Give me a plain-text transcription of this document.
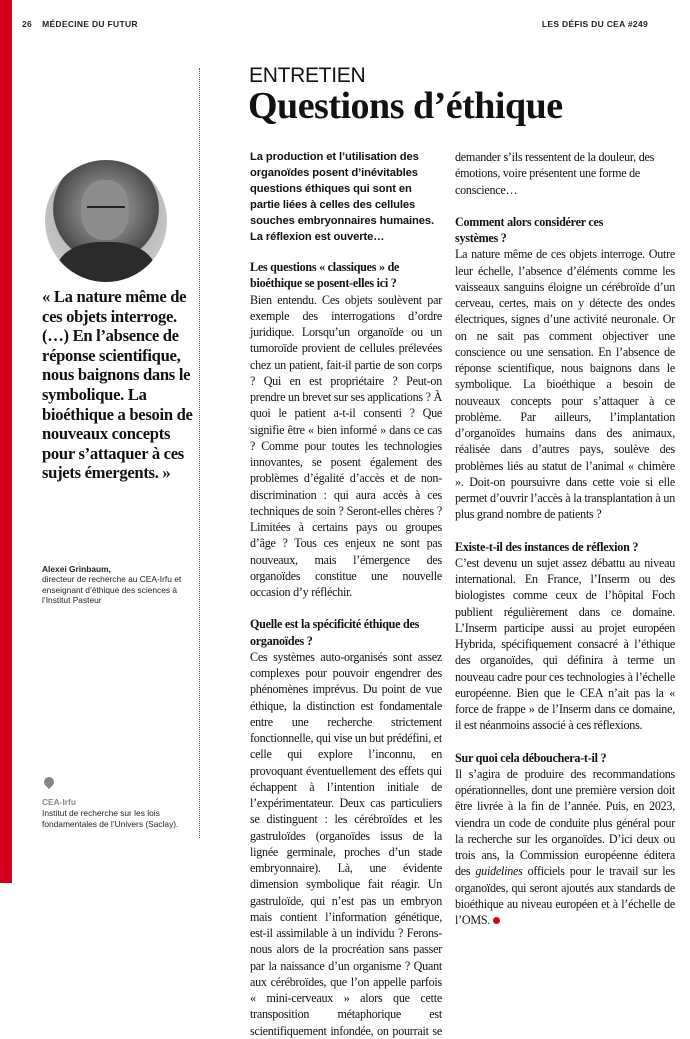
26 MÉDECINE DU FUTUR	LES DÉFIS DU CEA #249
« La nature même de ces objets interroge. (…) En l’absence de réponse scientifique, nous baignons dans le symbolique. La bioéthique a besoin de nouveaux concepts pour s’attaquer à ces sujets émergents. »
Alexei Grinbaum,
directeur de recherche au CEA-Irfu et enseignant d’éthique des sciences à l’Institut Pasteur
CEA-Irfu
Institut de recherche sur les lois fondamentales de l’Univers (Saclay).
ENTRETIEN
Questions d’éthique

La production et l’utilisation des organoïdes posent d’inévitables questions éthiques qui sont en partie liées à celles des cellules souches embryonnaires humaines. La réflexion est ouverte…

Les questions « classiques » de bioéthique se posent-elles ici ?

Bien entendu. Ces objets soulèvent par exemple des interrogations d’ordre juridique. Lorsqu’un organoïde ou un tumoroïde provient de cellules prélevées chez un patient, fait-il partie de son corps ? Qui en est propriétaire ? Peut-on prendre un brevet sur ses applications ? À quoi le patient a-t-il consenti ? Que signifie être « bien informé » dans ce cas ? Comme pour toutes les technologies innovantes, se posent également des problèmes d’égalité d’accès et de non-discrimination : qui aura accès à ces techniques de soin ? Seront-elles chères ? Limitées à certains pays ou groupes d’âge ? Tous ces enjeux ne sont pas nouveaux, mais l’émergence des organoïdes constitue une nouvelle occasion d’y réfléchir.

Quelle est la spécificité éthique des organoïdes ?

Ces systèmes auto-organisés sont assez complexes pour pouvoir engendrer des phénomènes imprévus. Du point de vue éthique, la distinction est fondamentale entre une recherche strictement fonctionnelle, qui vise un but prédéfini, et celle qui explore l’inconnu, en provoquant éventuellement des effets qui échappent à l’intention initiale de l’expérimentateur. Deux cas particuliers se distinguent : les cérébroïdes et les gastruloïdes (organoïdes issus de la lignée germinale, proches d’un stade embryonnaire). Là, une évidente dimension symbolique fait réagir. Un gastruloïde, qui n’est pas un embryon mais contient l’information génétique, est-il assimilable à un individu ? Ferons-nous alors de la procréation sans passer par la naissance d’un organisme ? Quant aux cérébroïdes, que l’on appelle parfois « mini-cerveaux » alors que cette transposition métaphorique est scientifiquement infondée, on pourrait se

demander s’ils ressentent de la douleur, des émotions, voire présentent une forme de conscience…

Comment alors considérer ces systèmes ?

La nature même de ces objets interroge. Outre leur échelle, l’absence d’éléments comme les vaisseaux sanguins éloigne un cérébroïde d’un cerveau, certes, mais on y détecte des ondes électriques, signes d’une activité neuronale. Or on ne sait pas comment objectiver une conscience ou une sensation. En l’absence de réponse scientifique, nous baignons dans le symbolique. La bioéthique a besoin de nouveaux concepts pour s’attaquer à ce problème. Par ailleurs, l’implantation d’organoïdes humains dans des animaux, réalisée dans d’autres pays, soulève des problèmes liés au statut de l’animal « chimère ». Doit-on poursuivre dans cette voie si elle permet d’ouvrir l’accès à la transplantation à un plus grand nombre de patients ?

Existe-t-il des instances de réflexion ?

C’est devenu un sujet assez débattu au niveau international. En France, l’Inserm ou des biologistes comme ceux de l’hôpital Foch publient régulièrement dans ce domaine. L’Inserm participe aussi au projet européen Hybrida, spécifiquement consacré à l’éthique des organoïdes, qui définira à terme un nouveau cadre pour ces technologies à l’échelle européenne. Bien que le CEA n’ait pas la « force de frappe » de l’Inserm dans ce domaine, il est néanmoins associé à ces réflexions.

Sur quoi cela débouchera-t-il ?

Il s’agira de produire des recommandations opérationnelles, dont une première version doit être livrée à la fin de l’année. Puis, en 2023, viendra un code de conduite plus général pour la recherche sur les organoïdes. D’ici deux ou trois ans, la Commission européenne éditera des guidelines officiels pour le travail sur les organoïdes, qui seront ajoutés aux standards de bioéthique au niveau européen et à l’échelle de l’OMS.
